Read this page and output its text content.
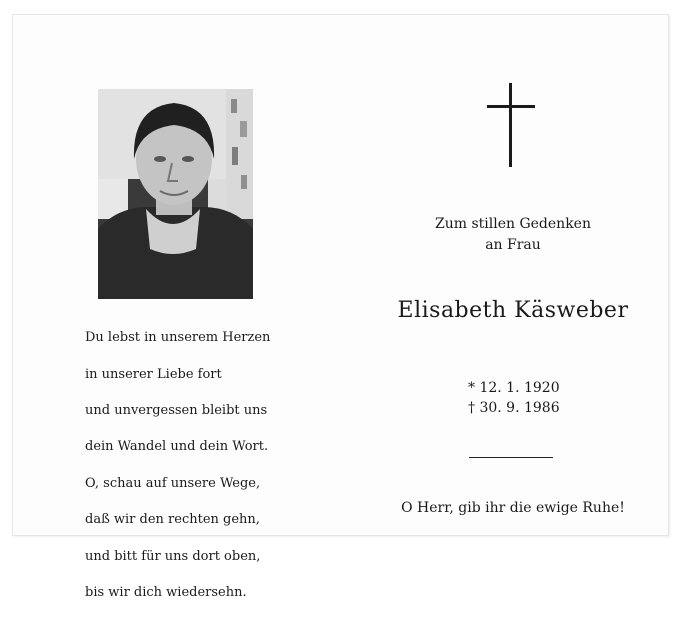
Du lebst in unserem Herzen

in unserer Liebe fort

und unvergessen bleibt uns

dein Wandel und dein Wort.

O, schau auf unsere Wege,

daß wir den rechten gehn,

und bitt für uns dort oben,

bis wir dich wiedersehn.

Zum stillen Gedenken
an Frau
Elisabeth Käsweber
* 12. 1. 1920
† 30. 9. 1986
O Herr, gib ihr die ewige Ruhe!
